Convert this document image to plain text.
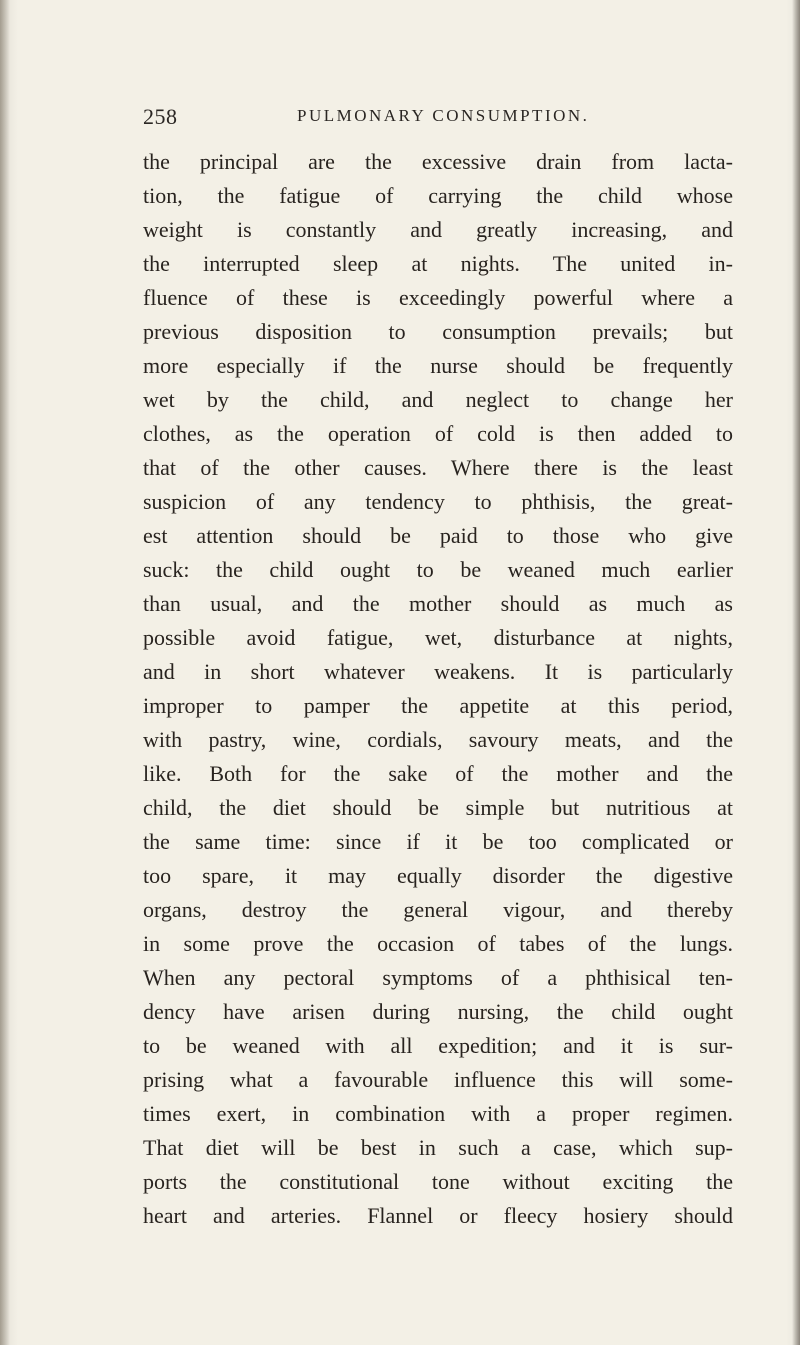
258	PULMONARY CONSUMPTION.
the principal are the excessive drain from lacta-
tion, the fatigue of carrying the child whose
weight is constantly and greatly increasing, and
the interrupted sleep at nights. The united in-
fluence of these is exceedingly powerful where a
previous disposition to consumption prevails; but
more especially if the nurse should be frequently
wet by the child, and neglect to change her
clothes, as the operation of cold is then added to
that of the other causes. Where there is the least
suspicion of any tendency to phthisis, the great-
est attention should be paid to those who give
suck: the child ought to be weaned much earlier
than usual, and the mother should as much as
possible avoid fatigue, wet, disturbance at nights,
and in short whatever weakens. It is particularly
improper to pamper the appetite at this period,
with pastry, wine, cordials, savoury meats, and the
like. Both for the sake of the mother and the
child, the diet should be simple but nutritious at
the same time: since if it be too complicated or
too spare, it may equally disorder the digestive
organs, destroy the general vigour, and thereby
in some prove the occasion of tabes of the lungs.
When any pectoral symptoms of a phthisical ten-
dency have arisen during nursing, the child ought
to be weaned with all expedition; and it is sur-
prising what a favourable influence this will some-
times exert, in combination with a proper regimen.
That diet will be best in such a case, which sup-
ports the constitutional tone without exciting the
heart and arteries. Flannel or fleecy hosiery should
